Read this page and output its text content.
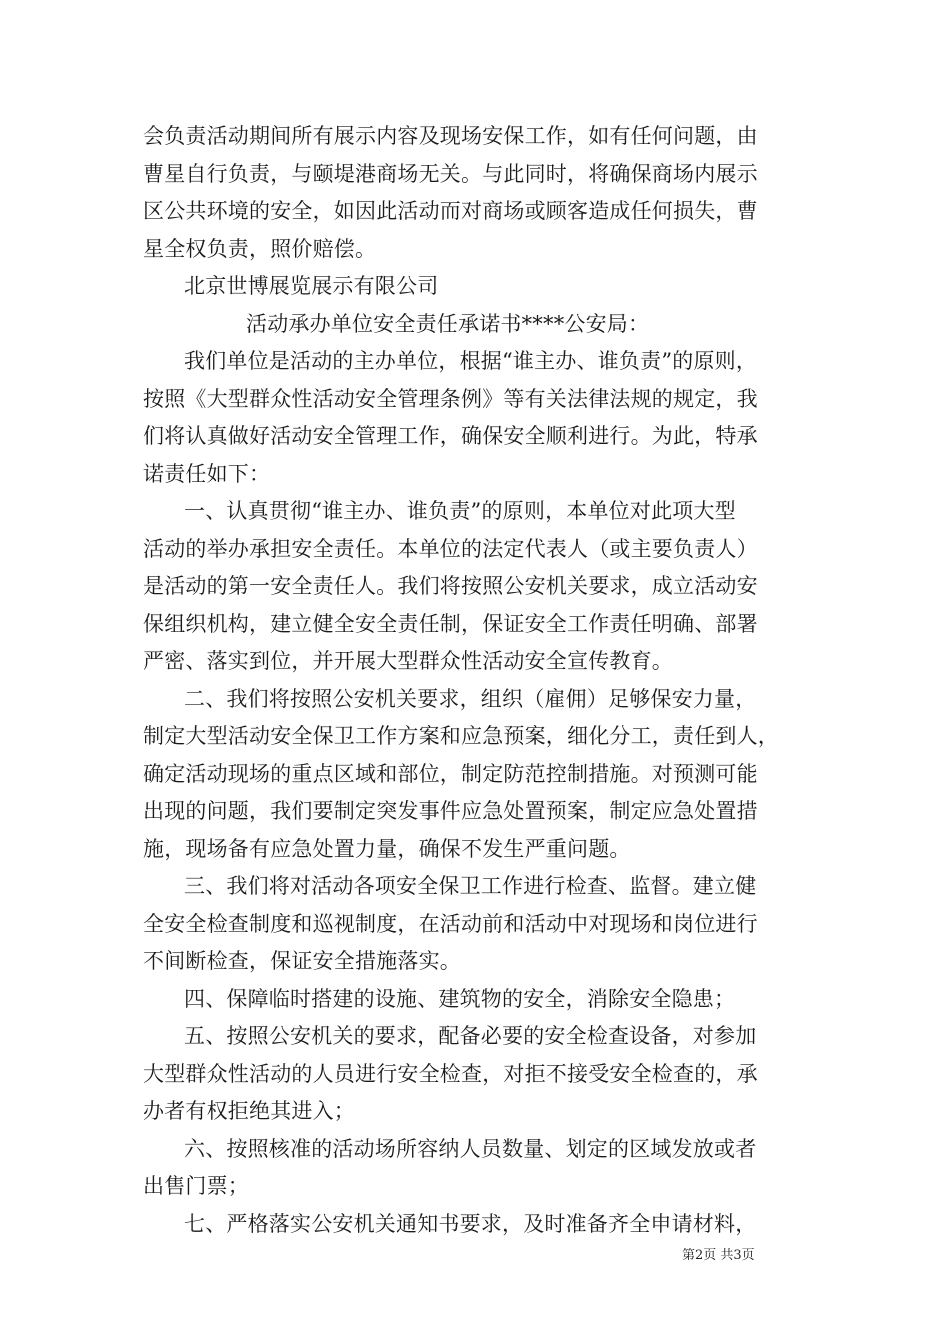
会负责活动期间所有展示内容及现场安保工作，如有任何问题，由
曹星自行负责，与颐堤港商场无关。与此同时，将确保商场内展示
区公共环境的安全，如因此活动而对商场或顾客造成任何损失，曹
星全权负责，照价赔偿。
北京世博展览展示有限公司
活动承办单位安全责任承诺书****公安局：
我们单位是活动的主办单位，根据“谁主办、谁负责”的原则，
按照《大型群众性活动安全管理条例》等有关法律法规的规定，我
们将认真做好活动安全管理工作，确保安全顺利进行。为此，特承
诺责任如下：
一、认真贯彻“谁主办、谁负责”的原则，本单位对此项大型
活动的举办承担安全责任。本单位的法定代表人（或主要负责人）
是活动的第一安全责任人。我们将按照公安机关要求，成立活动安
保组织机构，建立健全安全责任制，保证安全工作责任明确、部署
严密、落实到位，并开展大型群众性活动安全宣传教育。
二、我们将按照公安机关要求，组织（雇佣）足够保安力量，
制定大型活动安全保卫工作方案和应急预案，细化分工，责任到人，
确定活动现场的重点区域和部位，制定防范控制措施。对预测可能
出现的问题，我们要制定突发事件应急处置预案，制定应急处置措
施，现场备有应急处置力量，确保不发生严重问题。
三、我们将对活动各项安全保卫工作进行检查、监督。建立健
全安全检查制度和巡视制度，在活动前和活动中对现场和岗位进行
不间断检查，保证安全措施落实。
四、保障临时搭建的设施、建筑物的安全，消除安全隐患；
五、按照公安机关的要求，配备必要的安全检查设备，对参加
大型群众性活动的人员进行安全检查，对拒不接受安全检查的，承
办者有权拒绝其进入；
六、按照核准的活动场所容纳人员数量、划定的区域发放或者
出售门票；
七、严格落实公安机关通知书要求，及时准备齐全申请材料，
第2页 共3页
